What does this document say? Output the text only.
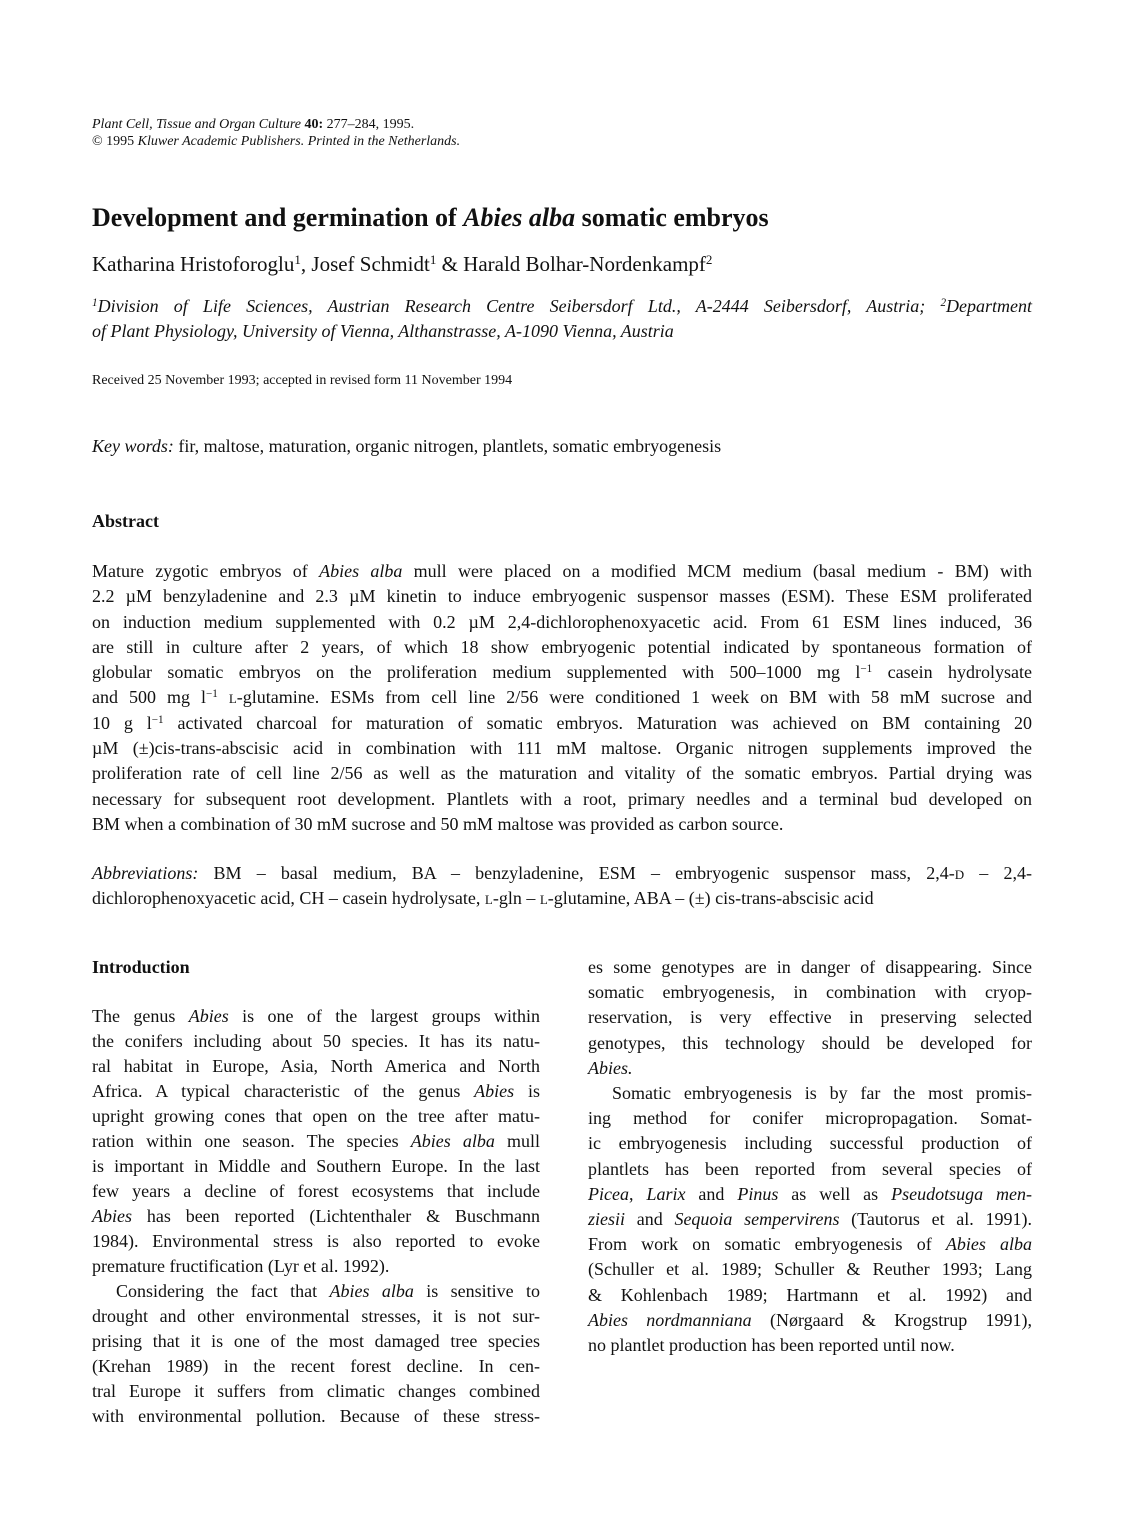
Plant Cell, Tissue and Organ Culture 40: 277–284, 1995.
© 1995 Kluwer Academic Publishers. Printed in the Netherlands.
Development and germination of Abies alba somatic embryos
Katharina Hristoforoglu$^1$, Josef Schmidt$^1$ & Harald Bolhar-Nordenkampf$^2$
$^1$Division of Life Sciences, Austrian Research Centre Seibersdorf Ltd., A-2444 Seibersdorf, Austria; $^2$Department
of Plant Physiology, University of Vienna, Althanstrasse, A-1090 Vienna, Austria
Received 25 November 1993; accepted in revised form 11 November 1994
Key words: fir, maltose, maturation, organic nitrogen, plantlets, somatic embryogenesis
Abstract
Mature zygotic embryos of Abies alba mull were placed on a modified MCM medium (basal medium - BM) with
2.2 µM benzyladenine and 2.3 µM kinetin to induce embryogenic suspensor masses (ESM). These ESM proliferated
on induction medium supplemented with 0.2 µM 2,4-dichlorophenoxyacetic acid. From 61 ESM lines induced, 36
are still in culture after 2 years, of which 18 show embryogenic potential indicated by spontaneous formation of
globular somatic embryos on the proliferation medium supplemented with 500–1000 mg $l^{-1}$ casein hydrolysate
and 500 mg $l^{-1}$ l-glutamine. ESMs from cell line 2/56 were conditioned 1 week on BM with 58 mM sucrose and
10 g $l^{-1}$ activated charcoal for maturation of somatic embryos. Maturation was achieved on BM containing 20
µM (±)cis-trans-abscisic acid in combination with 111 mM maltose. Organic nitrogen supplements improved the
proliferation rate of cell line 2/56 as well as the maturation and vitality of the somatic embryos. Partial drying was
necessary for subsequent root development. Plantlets with a root, primary needles and a terminal bud developed on
BM when a combination of 30 mM sucrose and 50 mM maltose was provided as carbon source.
Abbreviations: BM – basal medium, BA – benzyladenine, ESM – embryogenic suspensor mass, 2,4-d – 2,4-
dichlorophenoxyacetic acid, CH – casein hydrolysate, l-gln – l-glutamine, ABA – (±) cis-trans-abscisic acid
Introduction
The genus Abies is one of the largest groups within
the conifers including about 50 species. It has its natu-
ral habitat in Europe, Asia, North America and North
Africa. A typical characteristic of the genus Abies is
upright growing cones that open on the tree after matu-
ration within one season. The species Abies alba mull
is important in Middle and Southern Europe. In the last
few years a decline of forest ecosystems that include
Abies has been reported (Lichtenthaler & Buschmann
1984). Environmental stress is also reported to evoke
premature fructification (Lyr et al. 1992).
Considering the fact that Abies alba is sensitive to
drought and other environmental stresses, it is not sur-
prising that it is one of the most damaged tree species
(Krehan 1989) in the recent forest decline. In cen-
tral Europe it suffers from climatic changes combined
with environmental pollution. Because of these stress-
es some genotypes are in danger of disappearing. Since
somatic embryogenesis, in combination with cryop-
reservation, is very effective in preserving selected
genotypes, this technology should be developed for
Abies.
Somatic embryogenesis is by far the most promis-
ing method for conifer micropropagation. Somat-
ic embryogenesis including successful production of
plantlets has been reported from several species of
Picea, Larix and Pinus as well as Pseudotsuga men-
ziesii and Sequoia sempervirens (Tautorus et al. 1991).
From work on somatic embryogenesis of Abies alba
(Schuller et al. 1989; Schuller & Reuther 1993; Lang
& Kohlenbach 1989; Hartmann et al. 1992) and
Abies nordmanniana (Nørgaard & Krogstrup 1991),
no plantlet production has been reported until now.
